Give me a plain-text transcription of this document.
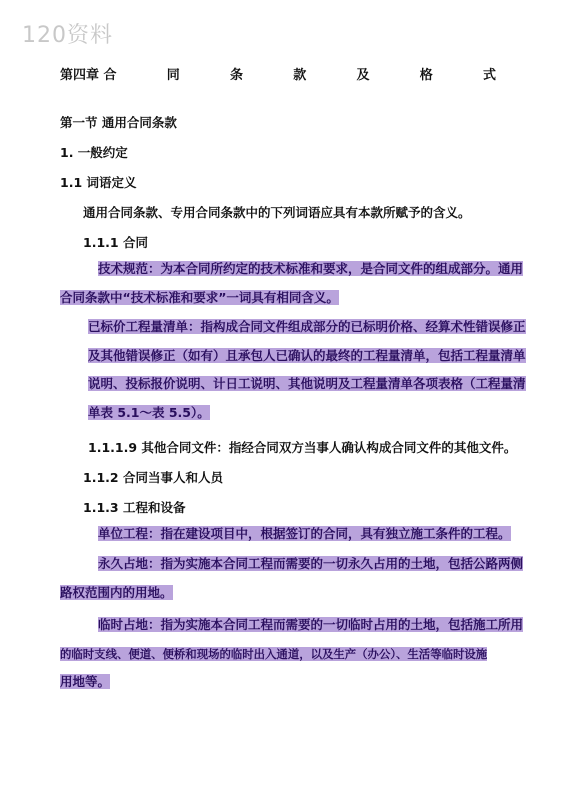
120资料
第四章 合	同	条	款	及	格	式
第一节 通用合同条款
1. 一般约定
1.1 词语定义
通用合同条款、专用合同条款中的下列词语应具有本款所赋予的含义。
1.1.1 合同
技术规范：为本合同所约定的技术标准和要求，是合同文件的组成部分。通用
合同条款中“技术标准和要求”一词具有相同含义。
已标价工程量清单：指构成合同文件组成部分的已标明价格、经算术性错误修正
及其他错误修正（如有）且承包人已确认的最终的工程量清单，包括工程量清单
说明、投标报价说明、计日工说明、其他说明及工程量清单各项表格（工程量清
单表 5.1～表 5.5）。
1.1.1.9 其他合同文件：指经合同双方当事人确认构成合同文件的其他文件。
1.1.2 合同当事人和人员
1.1.3 工程和设备
单位工程：指在建设项目中，根据签订的合同，具有独立施工条件的工程。
永久占地：指为实施本合同工程而需要的一切永久占用的土地，包括公路两侧
路权范围内的用地。
临时占地：指为实施本合同工程而需要的一切临时占用的土地，包括施工所用
的临时支线、便道、便桥和现场的临时出入通道，以及生产（办公）、生活等临时设施
用地等。
